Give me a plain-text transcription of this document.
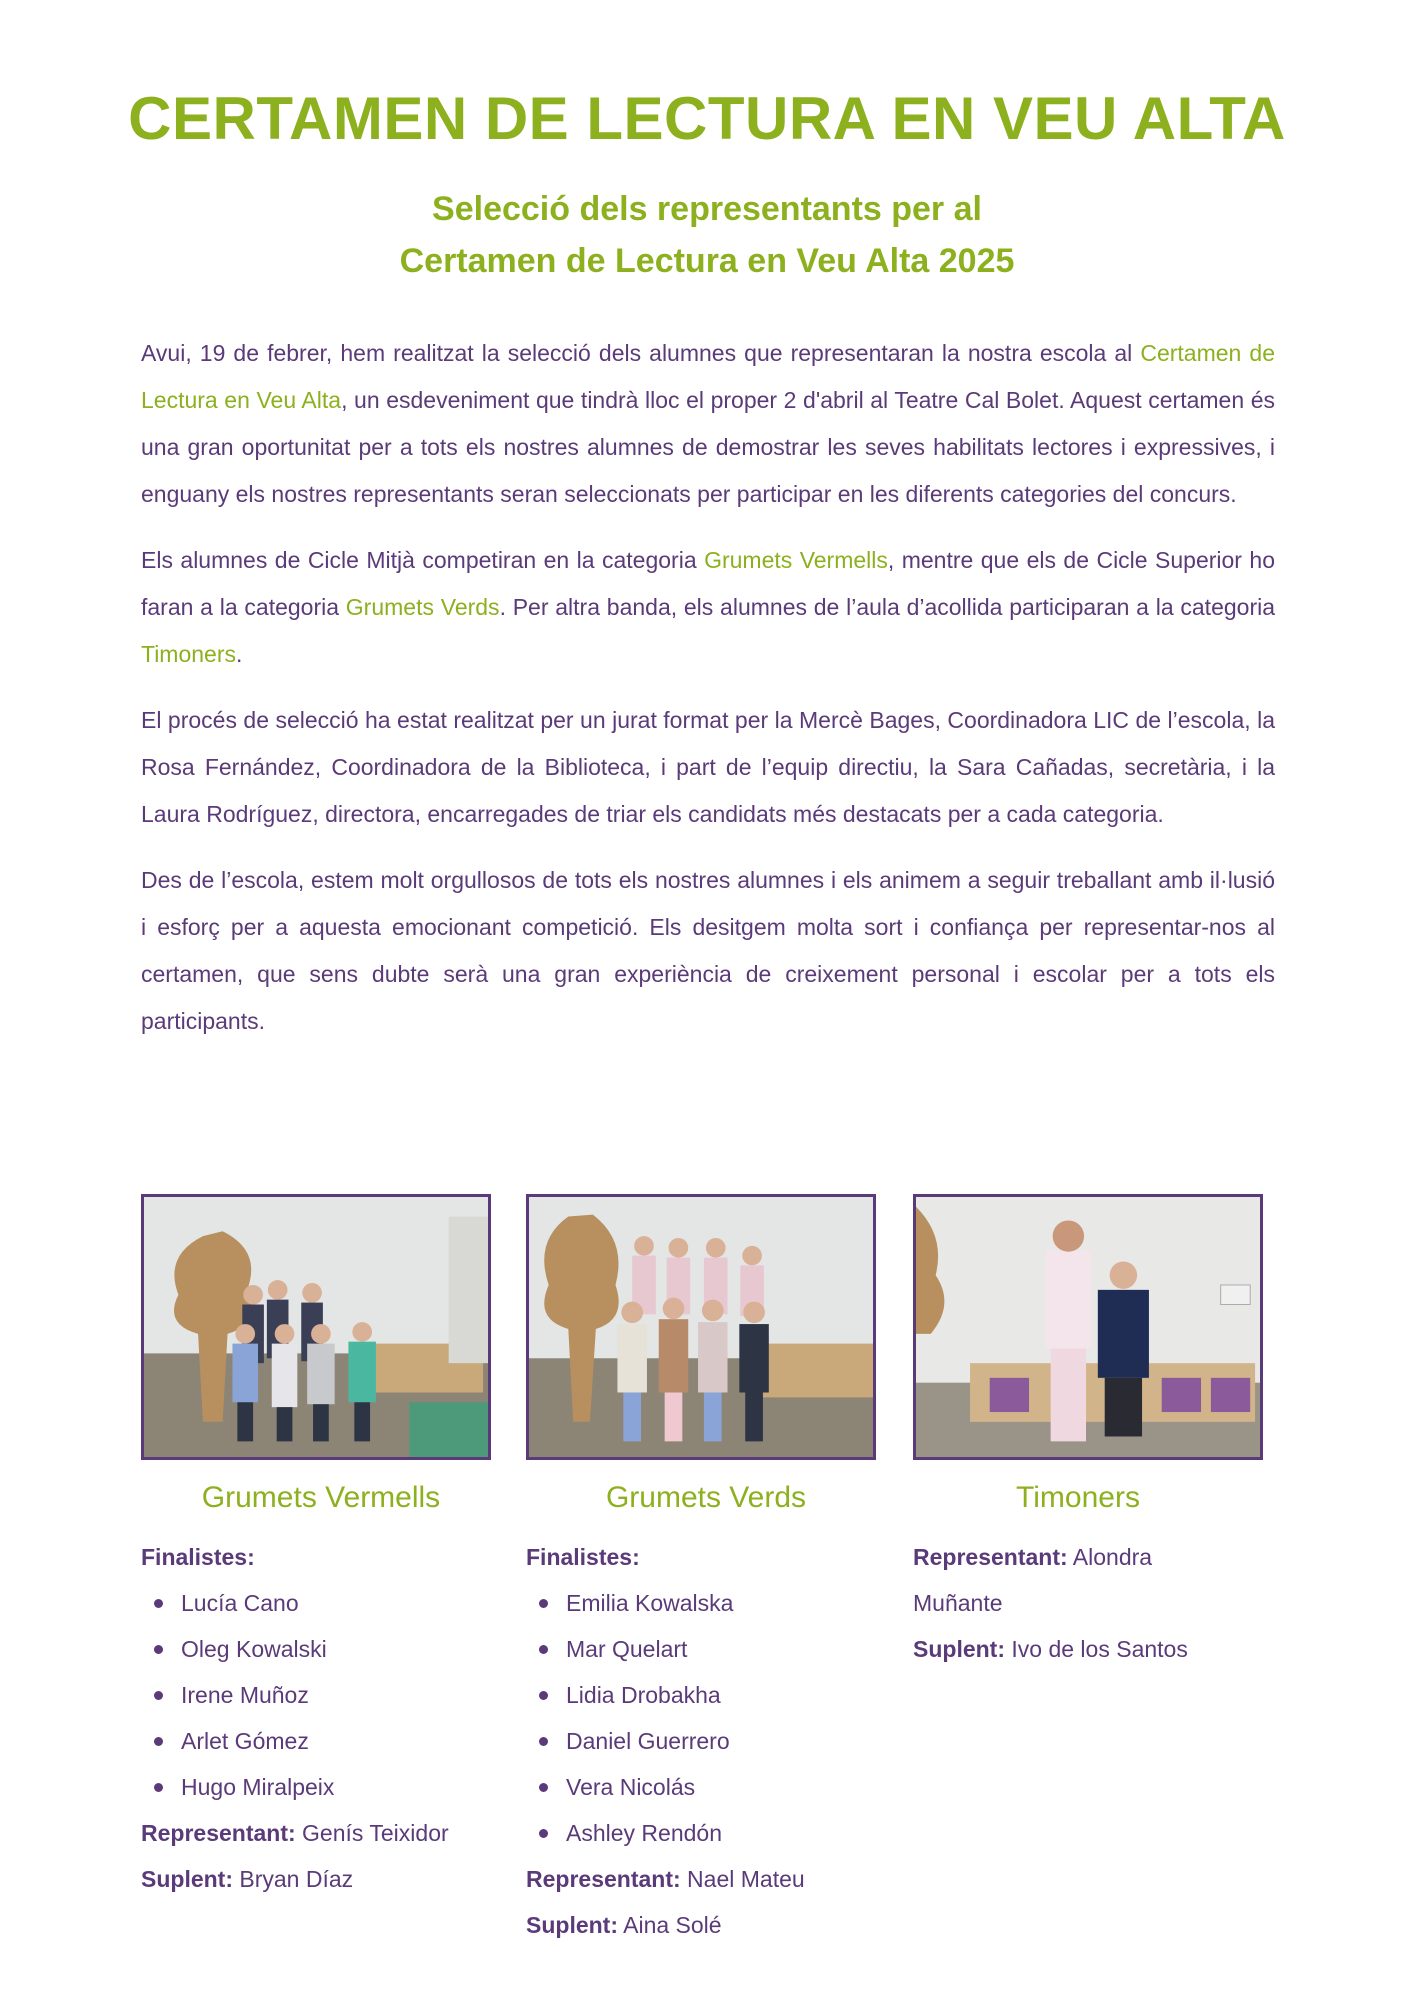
CERTAMEN DE LECTURA EN VEU ALTA
Selecció dels representants per al
Certamen de Lectura en Veu Alta 2025

Avui, 19 de febrer, hem realitzat la selecció dels alumnes que representaran la nostra escola al Certamen de Lectura en Veu Alta, un esdeveniment que tindrà lloc el proper 2 d'abril al Teatre Cal Bolet. Aquest certamen és una gran oportunitat per a tots els nostres alumnes de demostrar les seves habilitats lectores i expressives, i enguany els nostres representants seran seleccionats per participar en les diferents categories del concurs.

Els alumnes de Cicle Mitjà competiran en la categoria Grumets Vermells, mentre que els de Cicle Superior ho faran a la categoria Grumets Verds. Per altra banda, els alumnes de l’aula d’acollida participaran a la categoria Timoners.

El procés de selecció ha estat realitzat per un jurat format per la Mercè Bages, Coordinadora LIC de l’escola, la Rosa Fernández, Coordinadora de la Biblioteca, i part de l’equip directiu, la Sara Cañadas, secretària, i la Laura Rodríguez, directora, encarregades de triar els candidats més destacats per a cada categoria.

Des de l’escola, estem molt orgullosos de tots els nostres alumnes i els animem a seguir treballant amb il·lusió i esforç per a aquesta emocionant competició. Els desitgem molta sort i confiança per representar-nos al certamen, que sens dubte serà una gran experiència de creixement personal i escolar per a tots els participants.

Grumets Vermells
Finalistes:
Lucía Cano
Oleg Kowalski
Irene Muñoz
Arlet Gómez
Hugo Miralpeix
Representant: Genís Teixidor
Suplent: Bryan Díaz
Grumets Verds
Finalistes:
Emilia Kowalska
Mar Quelart
Lidia Drobakha
Daniel Guerrero
Vera Nicolás
Ashley Rendón
Representant: Nael Mateu
Suplent: Aina Solé
Timoners
Representant: Alondra Muñante
Suplent: Ivo de los Santos
